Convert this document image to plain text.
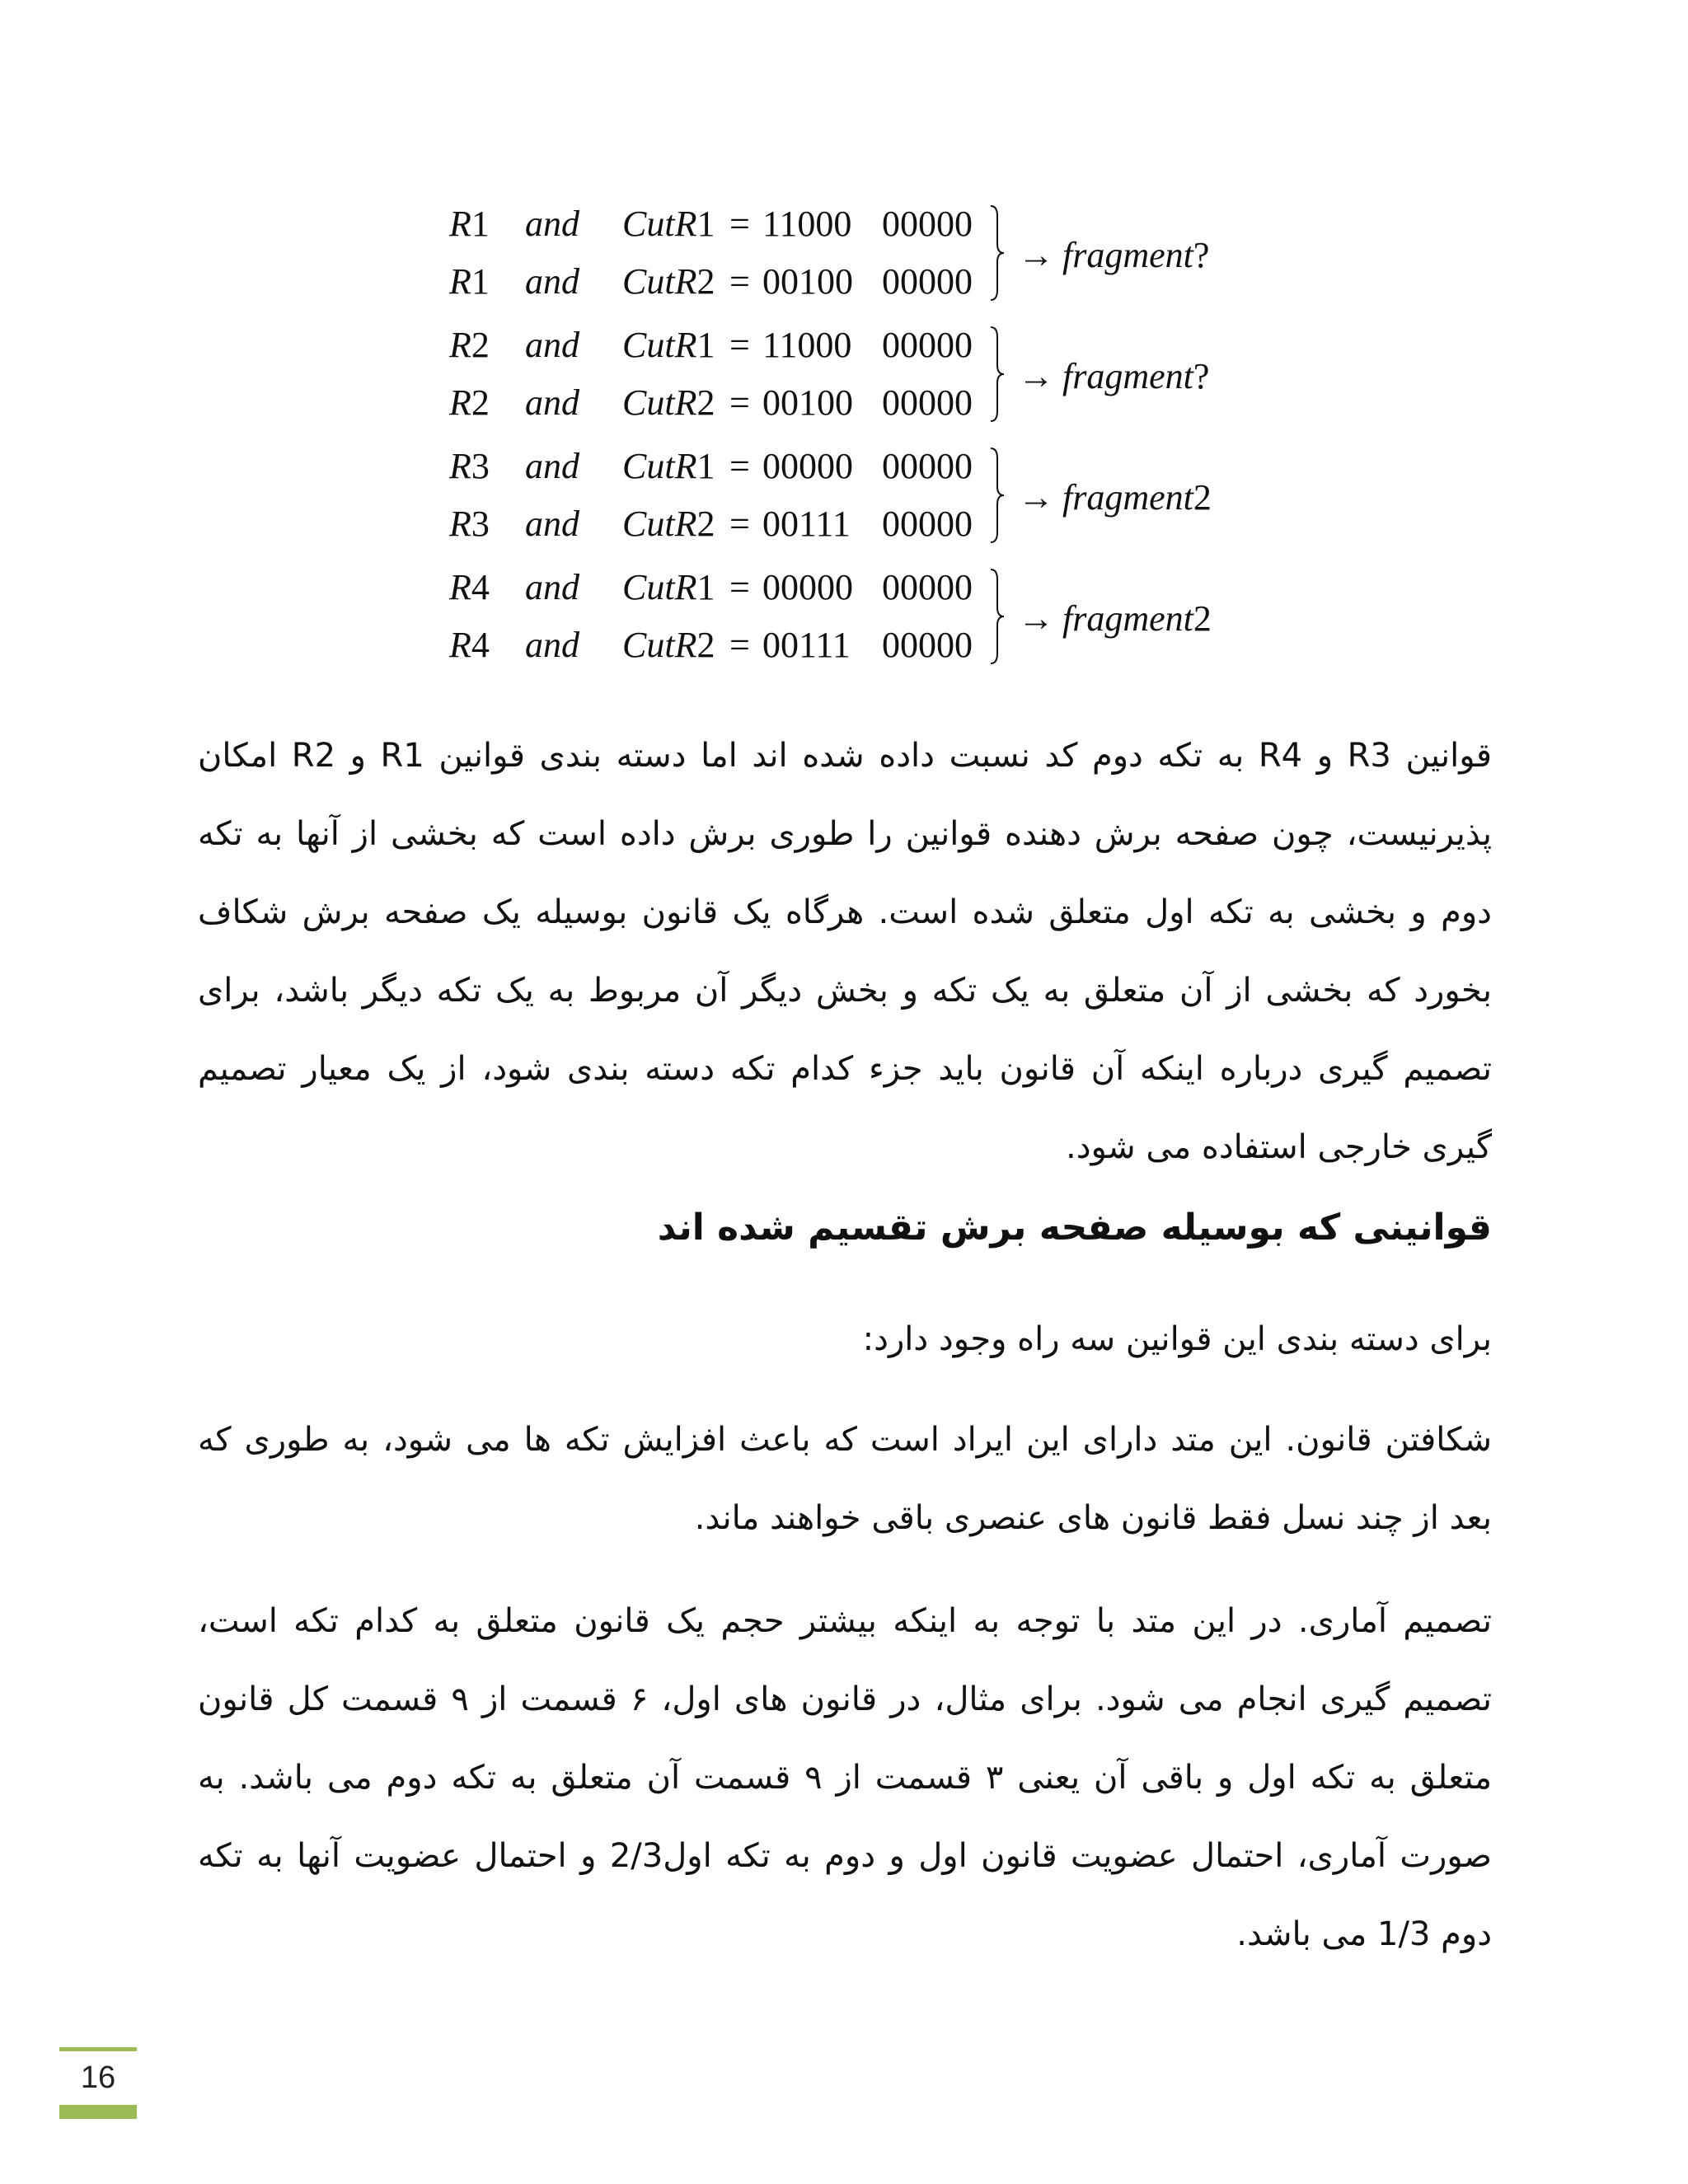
R1 and CutR1 = 11000 00000
R1 and CutR2 = 00100 00000
→ fragment?
R2 and CutR1 = 11000 00000
R2 and CutR2 = 00100 00000
→ fragment?
R3 and CutR1 = 00000 00000
R3 and CutR2 = 00111 00000
→ fragment2
R4 and CutR1 = 00000 00000
R4 and CutR2 = 00111 00000
→ fragment2

قوانین R3 و R4 به تکه دوم کد نسبت داده شده اند اما دسته بندی قوانین R1 و R2 امکان پذیرنیست، چون صفحه برش دهنده قوانین را طوری برش داده است که بخشی از آنها به تکه دوم و بخشی به تکه اول متعلق شده است. هرگاه یک قانون بوسیله یک صفحه برش شکاف بخورد که بخشی از آن متعلق به یک تکه و بخش دیگر آن مربوط به یک تکه دیگر باشد، برای تصمیم گیری درباره اینکه آن قانون باید جزء کدام تکه دسته بندی شود، از یک معیار تصمیم گیری خارجی استفاده می شود.

قوانینی که بوسیله صفحه برش تقسیم شده اند

برای دسته بندی این قوانین سه راه وجود دارد:

شکافتن قانون. این متد دارای این ایراد است که باعث افزایش تکه ها می شود، به طوری که بعد از چند نسل فقط قانون های عنصری باقی خواهند ماند.

تصمیم آماری. در این متد با توجه به اینکه بیشتر حجم یک قانون متعلق به کدام تکه است، تصمیم گیری انجام می شود. برای مثال، در قانون های اول، ۶ قسمت از ۹ قسمت کل قانون متعلق به تکه اول و باقی آن یعنی ۳ قسمت از ۹ قسمت آن متعلق به تکه دوم می باشد. به صورت آماری، احتمال عضویت قانون اول و دوم به تکه اول2/3 و احتمال عضویت آنها به تکه دوم 1/3 می باشد.

16
